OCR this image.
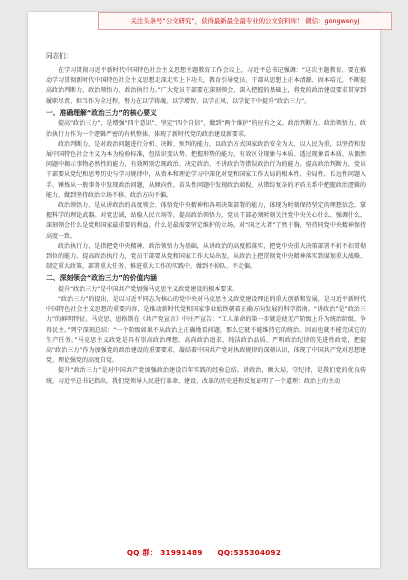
关注头条号“公文研究”，获得最新最全最专业的公文资料库！ 微信：gongwenyj
同志们：

在学习贯彻习近平新时代中国特色社会主义思想主题教育工作会议上，习近平总书记强调：“这次主题教育，要在推动学习贯彻新时代中国特色社会主义思想走深走实上下功夫，教育引导党员、干部从思想上正本清源、固本培元，不断提高政治判断力、政治领悟力、政治执行力。”广大党员干部要在深刻领会、深入把握的基础上，将党的政治建设要求贯穿到履职尽责、担当作为全过程，努力在以学铸魂、以学增智、以学正风、以学促干中提升“政治三力”。

一、准确理解“政治三力”的核心要义

提高“政治三力”，是增强“四个意识”、坚定“四个自信”，做到“两个维护”的应有之义。政治判断力、政治领悟力、政治执行力作为一个逻辑严密的有机整体，体现了新时代党的政治建设新要求。

政治判断力，是对政治问题进行分析、决断、预判的能力，以政治方式国家政治安全为大、以人民为重，以坚持和发展中国特色社会主义为本为检验标准，包括识变认势、把握形势的能力，有效区分现象与本质、透过现象看本质、从偶然问题中揭示事物必然性的能力，有效辨别忠现政治、决定政治、不讲政治等错误政治行为的能力。提高政治判断力，党员干部要从党纪和思考历史与学习规律中，从资本和理论学习中深化对党和国家工作大局的根本性、全局性、长远性问题入手，锤炼从一般事务中发现政治问题，从倾向性、苗头性问题中发现政治端倪，从错综复杂的矛盾关系中把握政治逻辑的能力，做到坚持政治立场不移、政治方向不偏。

政治领悟力，是从讲政治的高度领会、体悟党中央精神和各项决策部署的能力，体现为时刻保持坚定的理想信念，掌握科学的理论武器。对党忠诚，站稳人民立场等。提高政治领悟力，党员干部必须时刻关注党中央关心什么、强调什么，深刻领会什么是党和国家最重要的利益，什么是最需要坚定维护的立场，对“国之大者”了然于胸，坚持同党中央精神保持高度一致。

政治执行力，是指把党中央精神、政治领悟力为基础，从讲政治的高度抓落实，把党中央重大决策部署不折不扣贯彻到位的能力。提高政治执行力，党员干部要从党和国家工作大局出发，从政治上把贯彻党中央精神落实到谋划重大战略、制定重大政策、部署重大任务、推进重大工作的实践中，做到不掉队、不走偏。

二、深刻领会“政治三力”的价值内涵

提升“政治三力”是中国共产党加强马克思主义政党建设的根本要求。

“政治三力”的提出，是以习近平同志为核心的党中央对马克思主义政党建设理论的重大创新和发展，是习近平新时代中国特色社会主义思想的重要内容，是推动新时代党和国家事业始终朝着正确方向发展的科学指南。“讲政治”是“政治三力”的鲜明特征。马克思、恩格斯在《共产党宣言》中庄严宣告：“工人革命的第一步就是使无产阶级上升为统治阶级，争得民主。”列宁深刻总结：“一个阶级如果不从政治上正确地看问题，那么它就不能维持它的统治，因而也就不能完成它的生产任务。”马克思主义政党是具有崇高政治理想、高尚政治追求、纯洁政治品质、严明政治纪律的先进性政党，把提高“政治三力”作为加强党的政治建设的重要要求，凝结着中国共产党对执政规律的深刻认识，体现了中国共产党对思想建党、理论强党的高度自觉。

提升“政治三力”是对中国共产党加强政治建设百年实践的经验总结。讲政治，顾大局，守纪律，是我们党的优良传统。习近平总书记指出，我们党领导人民进行革命、建设、改革的历史进程反复证明了一个道理：政治上的主动

QQ 群： 31991489 QQ:535304092
